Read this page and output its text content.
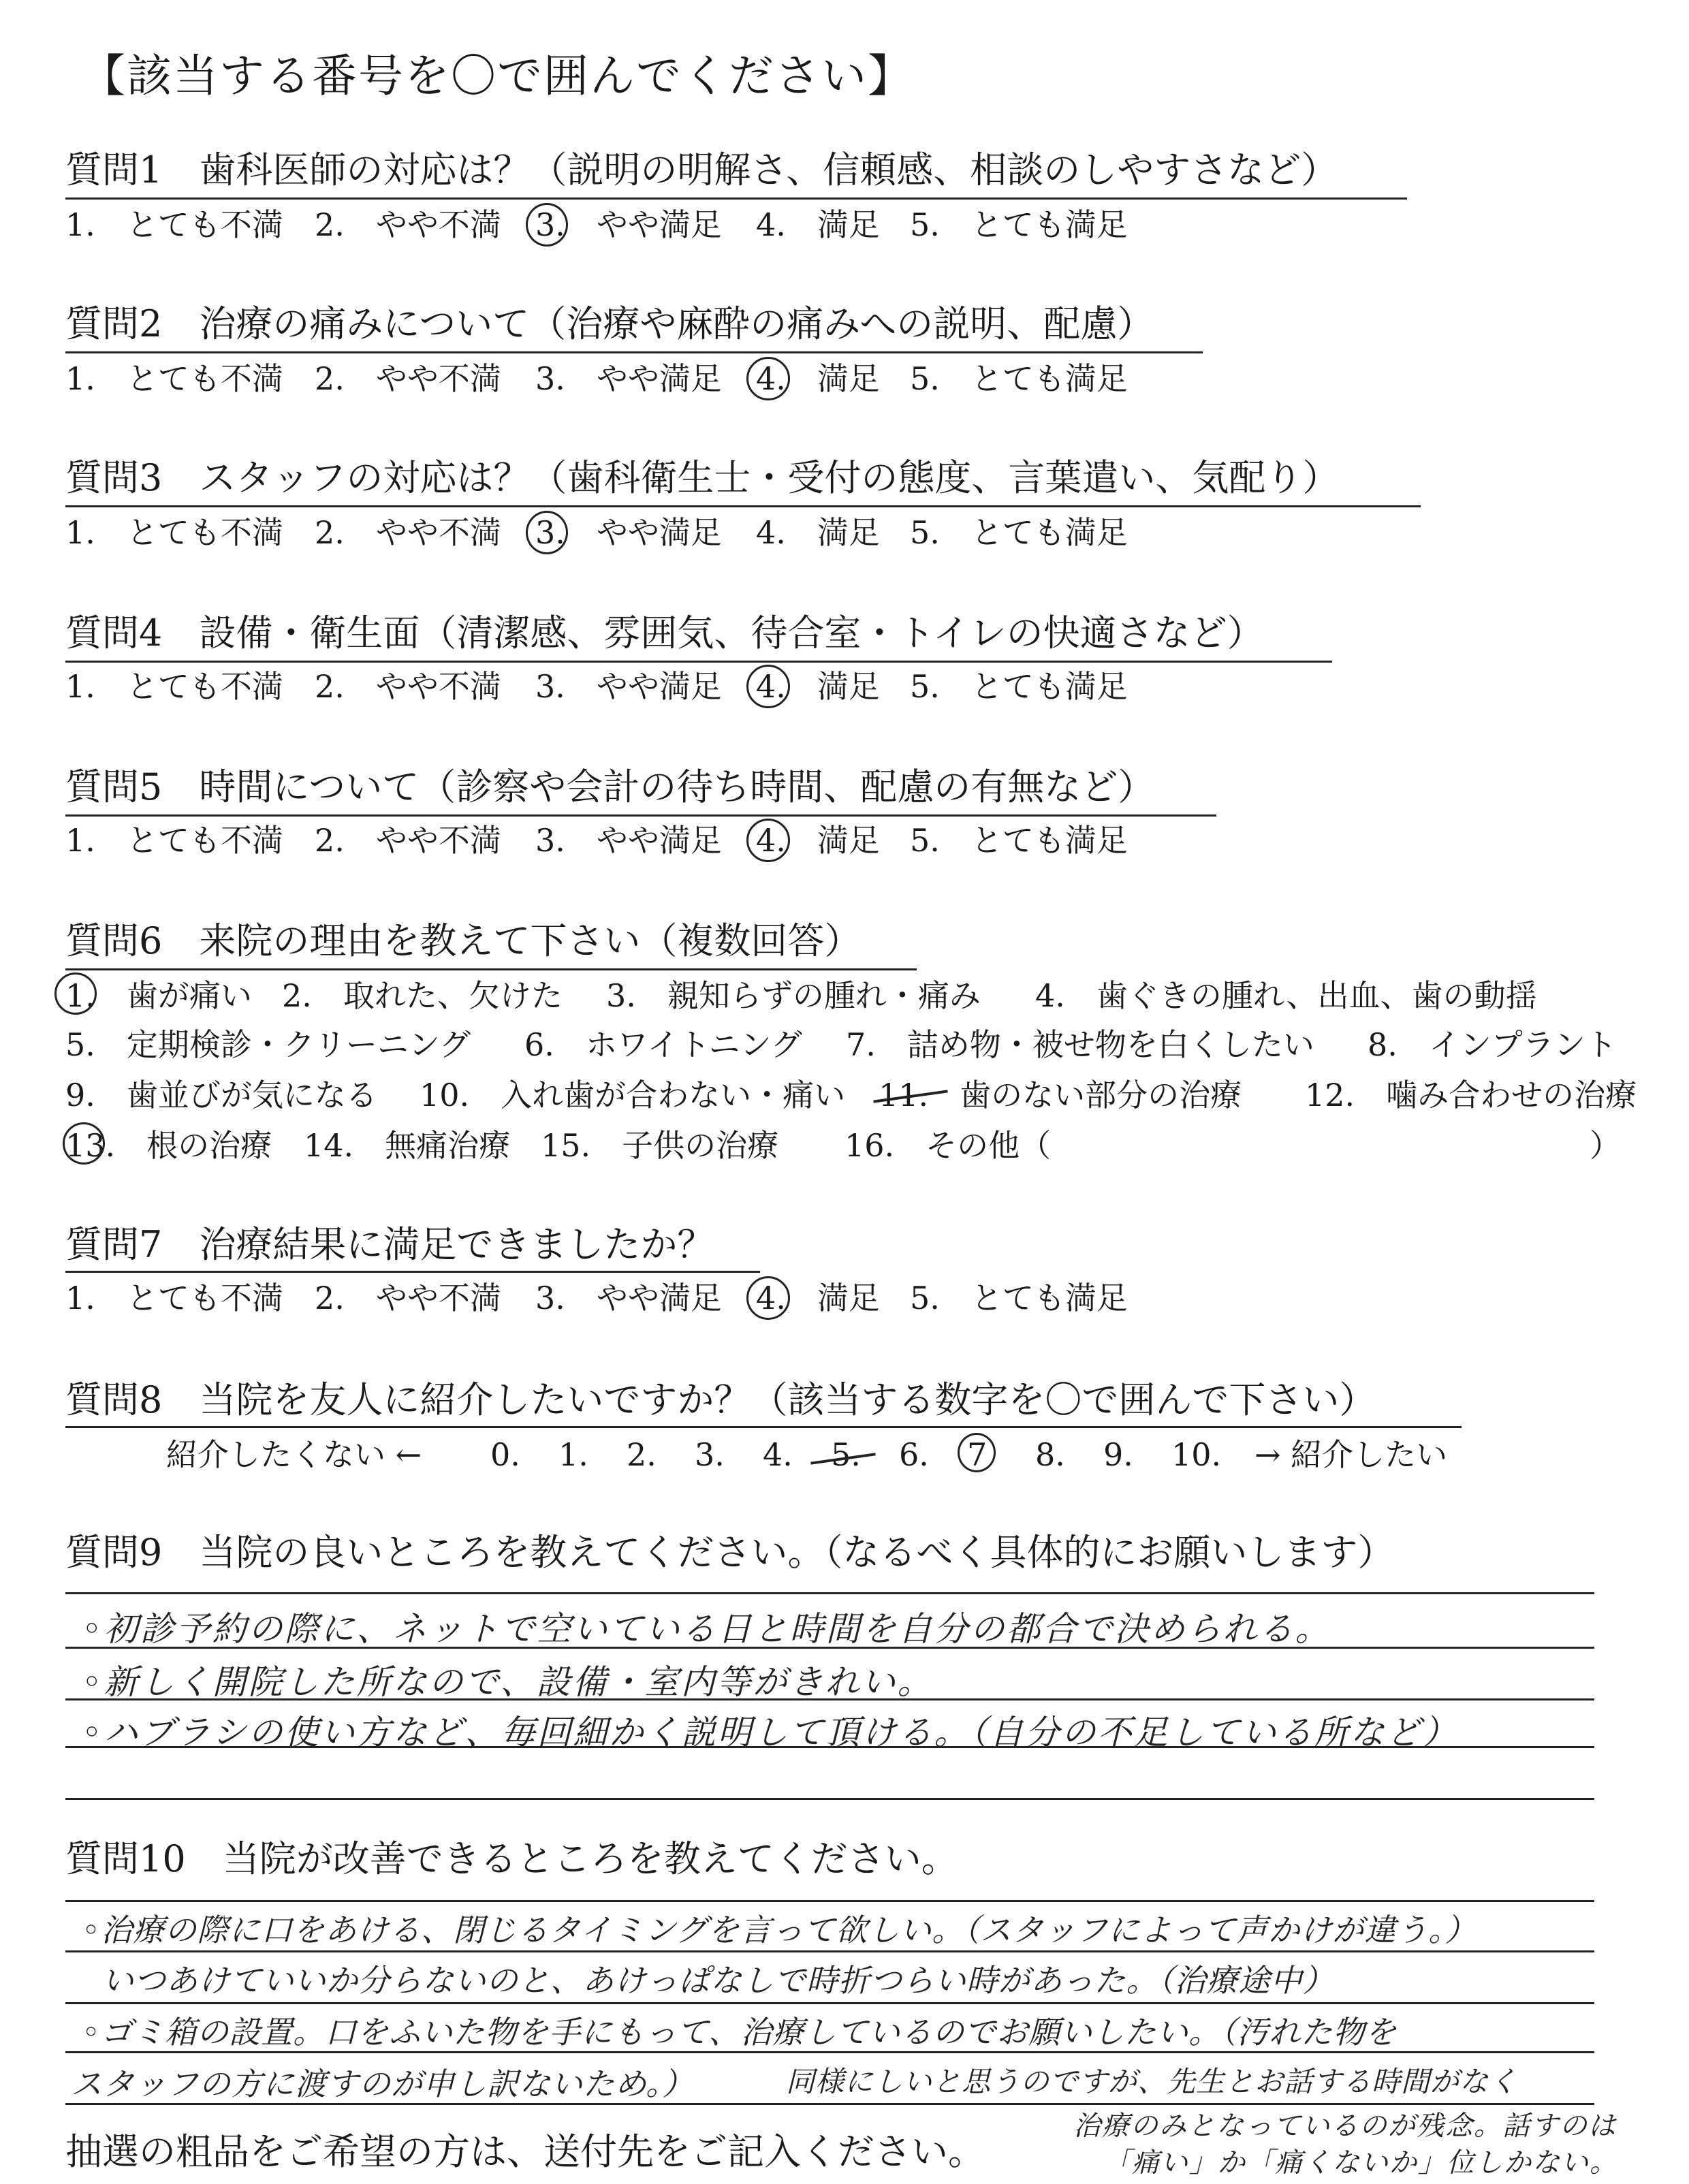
【該当する番号を〇で囲んでください】
質問1　歯科医師の対応は？（説明の明解さ、信頼感、相談のしやすさなど）
1.　とても不満 2.　やや不満 3.　やや満足 4.　満足 5.　とても満足
質問2　治療の痛みについて（治療や麻酔の痛みへの説明、配慮）
1.　とても不満 2.　やや不満 3.　やや満足 4.　満足 5.　とても満足
質問3　スタッフの対応は？（歯科衛生士・受付の態度、言葉遣い、気配り）
1.　とても不満 2.　やや不満 3.　やや満足 4.　満足 5.　とても満足
質問4　設備・衛生面（清潔感、雰囲気、待合室・トイレの快適さなど）
1.　とても不満 2.　やや不満 3.　やや満足 4.　満足 5.　とても満足
質問5　時間について（診察や会計の待ち時間、配慮の有無など）
1.　とても不満 2.　やや不満 3.　やや満足 4.　満足 5.　とても満足
質問6　来院の理由を教えて下さい（複数回答）
1.　歯が痛い 2.　取れた、欠けた 3.　親知らずの腫れ・痛み 4.　歯ぐきの腫れ、出血、歯の動揺
5.　定期検診・クリーニング 6.　ホワイトニング 7.　詰め物・被せ物を白くしたい 8.　インプラント
9.　歯並びが気になる 10.　入れ歯が合わない・痛い 11.　歯のない部分の治療 12.　噛み合わせの治療
13.　根の治療 14.　無痛治療 15.　子供の治療 16.　その他（	）
質問7　治療結果に満足できましたか？
1.　とても不満 2.　やや不満 3.　やや満足 4.　満足 5.　とても満足
質問8　当院を友人に紹介したいですか？（該当する数字を〇で囲んで下さい）
紹介したくない ← 0. 1. 2. 3. 4. 5. 6. 7 8. 9. 10. → 紹介したい
質問9　当院の良いところを教えてください。（なるべく具体的にお願いします）
◦初診予約の際に、ネットで空いている日と時間を自分の都合で決められる。
◦新しく開院した所なので、設備・室内等がきれい。
◦ハブラシの使い方など、毎回細かく説明して頂ける。（自分の不足している所など）
質問10　当院が改善できるところを教えてください。
◦治療の際に口をあける、閉じるタイミングを言って欲しい。（スタッフによって声かけが違う。）
いつあけていいか分らないのと、あけっぱなしで時折つらい時があった。（治療途中）
◦ゴミ箱の設置。口をふいた物を手にもって、治療しているのでお願いしたい。（汚れた物を
スタッフの方に渡すのが申し訳ないため。）	同様にしいと思うのですが、先生とお話する時間がなく
治療のみとなっているのが残念。話すのは
「痛い」か「痛くないか」位しかない。
抽選の粗品をご希望の方は、送付先をご記入ください。
